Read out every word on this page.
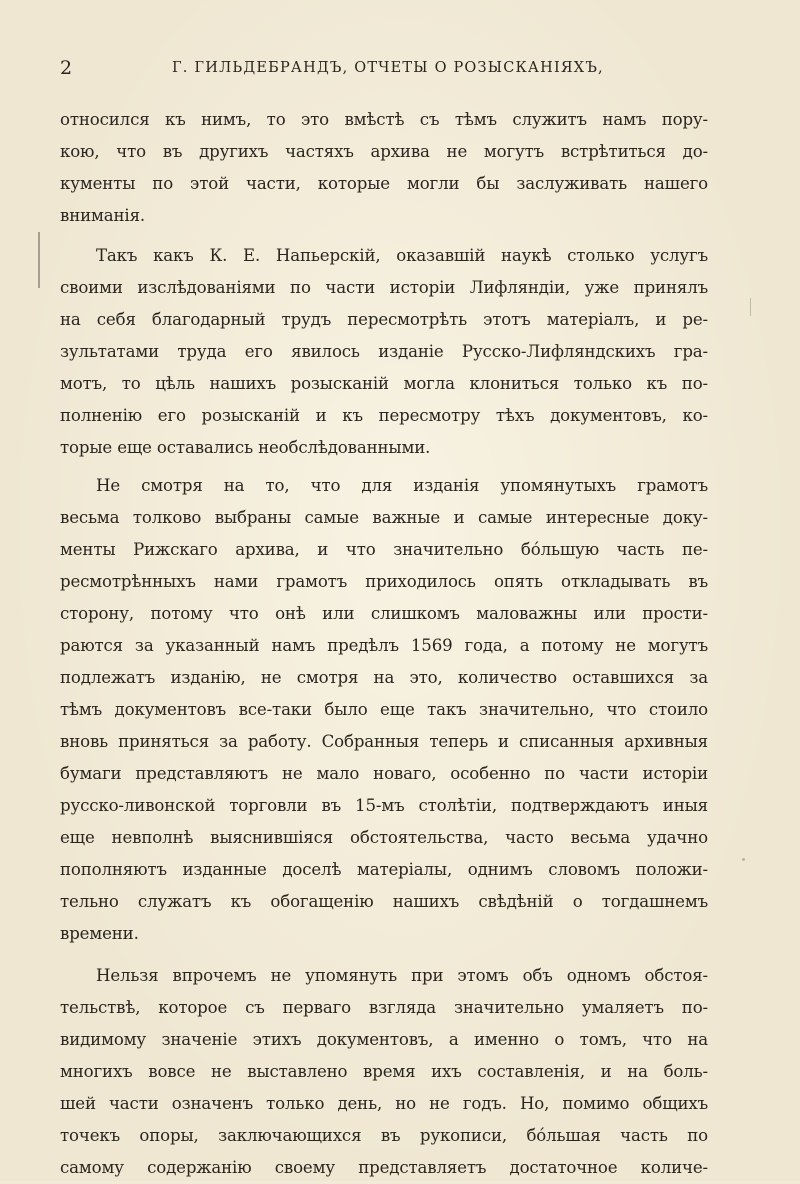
2	Г. ГИЛЬДЕБРАНДЪ, ОТЧЕТЫ О РОЗЫСКАНІЯХЪ,
относился къ нимъ, то это вмѣстѣ съ тѣмъ служитъ намъ пору-
кою, что въ другихъ частяхъ архива не могутъ встрѣтиться до-
кументы по этой части, которые могли бы заслуживать нашего
вниманія.
Такъ какъ К. Е. Напьерскій, оказавшій наукѣ столько услугъ
своими изслѣдованіями по части исторіи Лифляндіи, уже принялъ
на себя благодарный трудъ пересмотрѣть этотъ матеріалъ, и ре-
зультатами труда его явилось изданіе Русско-Лифляндскихъ гра-
мотъ, то цѣль нашихъ розысканій могла клониться только къ по-
полненію его розысканій и къ пересмотру тѣхъ документовъ, ко-
торые еще оставались необслѣдованными.
Не смотря на то, что для изданія упомянутыхъ грамотъ
весьма толково выбраны самые важные и самые интересные доку-
менты Рижскаго архива, и что значительно бо́льшую часть пе-
ресмотрѣнныхъ нами грамотъ приходилось опять откладывать въ
сторону, потому что онѣ или слишкомъ маловажны или прости-
раются за указанный намъ предѣлъ 1569 года, а потому не могутъ
подлежатъ изданію, не смотря на это, количество оставшихся за
тѣмъ документовъ все-таки было еще такъ значительно, что стоило
вновь приняться за работу. Собранныя теперь и списанныя архивныя
бумаги представляютъ не мало новаго, особенно по части исторіи
русско-ливонской торговли въ 15-мъ столѣтіи, подтверждаютъ иныя
еще невполнѣ выяснившіяся обстоятельства, часто весьма удачно
пополняютъ изданные доселѣ матеріалы, однимъ словомъ положи-
тельно служатъ къ обогащенію нашихъ свѣдѣній о тогдашнемъ
времени.
Нельзя впрочемъ не упомянуть при этомъ объ одномъ обстоя-
тельствѣ, которое съ перваго взгляда значительно умаляетъ по-
видимому значеніе этихъ документовъ, а именно о томъ, что на
многихъ вовсе не выставлено время ихъ составленія, и на боль-
шей части означенъ только день, но не годъ. Но, помимо общихъ
точекъ опоры, заключающихся въ рукописи, бо́льшая часть по
самому содержанію своему представляетъ достаточное количе-
